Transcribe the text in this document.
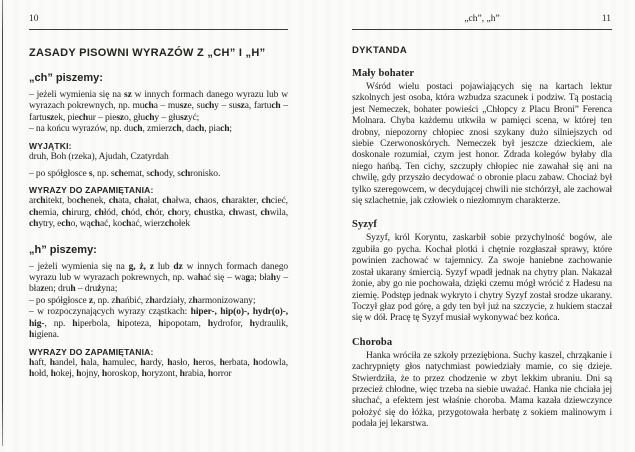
10
ZASADY PISOWNI WYRAZÓW Z „CH” I „H”
„ch” piszemy:

– jeżeli wymienia się na sz w innych formach danego wyrazu lub w wyrazach pokrewnych, np. mucha – musze, suchy – susza, fartuch – fartuszek, piechur – pieszo, głuchy – głuszyć;
– na końcu wyrazów, np. duch, zmierzch, dach, piach;

WYJĄTKI:

druh, Boh (rzeka), Ajudah, Czatyrdah

– po spółgłosce s, np. schemat, schody, schronisko.

WYRAZY DO ZAPAMIĘTANIA:

architekt, bochenek, chata, chałat, chałwa, chaos, charakter, chcieć, chemia, chirurg, chłód, chód, chór, chory, chustka, chwast, chwila, chytry, echo, wąchać, kochać, wierzchołek

„h” piszemy:

– jeżeli wymienia się na g, ż, z lub dz w innych formach danego wyrazu lub w wyrazach pokrewnych, np. wahać się – waga; błahy – błazen; druh – drużyna;
– po spółgłosce z, np. zhańbić, zhardziały, zharmonizowany;
– w rozpoczynających wyrazy cząstkach: hiper-, hip(o)-, hydr(o)-, hig-, np. hiperbola, hipoteza, hipopotam, hydrofor, hydraulik, higiena.

WYRAZY DO ZAPAMIĘTANIA:

haft, handel, hala, hamulec, hardy, hasło, heros, herbata, hodowla, hołd, hokej, hojny, horoskop, horyzont, hrabia, horror

„ch”, „h”	11
DYKTANDA
Mały bohater

Wśród wielu postaci pojawiających się na kartach lektur szkolnych jest osoba, która wzbudza szacunek i podziw. Tą postacią jest Nemeczek, bohater powieści „Chłopcy z Placu Broni” Ferenca Molnara. Chyba każdemu utkwiła w pamięci scena, w której ten drobny, niepozorny chłopiec znosi szykany dużo silniejszych od siebie Czerwonoskórych. Nemeczek był jeszcze dzieckiem, ale doskonale rozumiał, czym jest honor. Zdrada kolegów byłaby dla niego hańbą. Ten cichy, szczupły chłopiec nie zawahał się ani na chwilę, gdy przyszło decydować o obronie placu zabaw. Chociaż był tylko szeregowcem, w decydującej chwili nie stchórzył, ale zachował się szlachetnie, jak człowiek o niezłomnym charakterze.

Syzyf

Syzyf, król Koryntu, zaskarbił sobie przychylność bogów, ale zgubiła go pycha. Kochał plotki i chętnie rozgłaszał sprawy, które powinien zachować w tajemnicy. Za swoje haniebne zachowanie został ukarany śmiercią. Syzyf wpadł jednak na chytry plan. Nakazał żonie, aby go nie pochowała, dzięki czemu mógł wrócić z Hadesu na ziemię. Podstęp jednak wykryto i chytry Syzyf został srodze ukarany. Toczył głaz pod górę, a gdy ten był już na szczycie, z hukiem staczał się w dół. Pracę tę Syzyf musiał wykonywać bez końca.

Choroba

Hanka wróciła ze szkoły przeziębiona. Suchy kaszel, chrząkanie i zachrypnięty głos natychmiast powiedziały mamie, co się dzieje. Stwierdziła, że to przez chodzenie w zbyt lekkim ubraniu. Dni są przecież chłodne, więc trzeba na siebie uważać. Hanka nie chciała jej słuchać, a efektem jest właśnie choroba. Mama kazała dziewczynce położyć się do łóżka, przygotowała herbatę z sokiem malinowym i podała jej lekarstwa.
